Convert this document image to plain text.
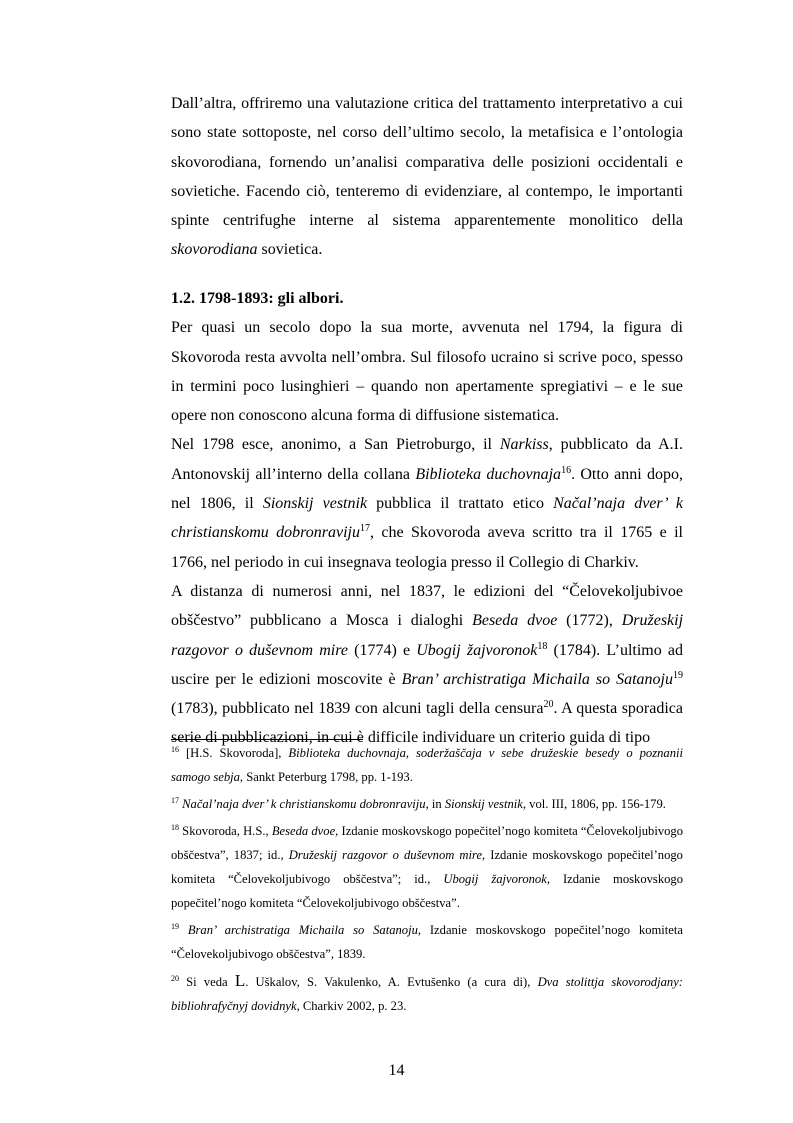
Dall’altra, offriremo una valutazione critica del trattamento interpretativo a cui sono state sottoposte, nel corso dell’ultimo secolo, la metafisica e l’ontologia skovorodiana, fornendo un’analisi comparativa delle posizioni occidentali e sovietiche. Facendo ciò, tenteremo di evidenziare, al contempo, le importanti spinte centrifughe interne al sistema apparentemente monolitico della skovorodiana sovietica.

1.2. 1798-1893: gli albori.

Per quasi un secolo dopo la sua morte, avvenuta nel 1794, la figura di Skovoroda resta avvolta nell’ombra. Sul filosofo ucraino si scrive poco, spesso in termini poco lusinghieri – quando non apertamente spregiativi – e le sue opere non conoscono alcuna forma di diffusione sistematica.

Nel 1798 esce, anonimo, a San Pietroburgo, il Narkiss, pubblicato da A.I. Antonovskij all’interno della collana Biblioteka duchovnaja$^{16}$. Otto anni dopo, nel 1806, il Sionskij vestnik pubblica il trattato etico Načal’naja dver’ k christianskomu dobronraviju$^{17}$, che Skovoroda aveva scritto tra il 1765 e il 1766, nel periodo in cui insegnava teologia presso il Collegio di Charkiv.

A distanza di numerosi anni, nel 1837, le edizioni del “Čelovekoljubivoe obščestvo” pubblicano a Mosca i dialoghi Beseda dvoe (1772), Družeskij razgovor o duševnom mire (1774) e Ubogij žajvoronok$^{18}$ (1784). L’ultimo ad uscire per le edizioni moscovite è Bran’ archistratiga Michaila so Satanoju$^{19}$ (1783), pubblicato nel 1839 con alcuni tagli della censura$^{20}$. A questa sporadica serie di pubblicazioni, in cui è difficile individuare un criterio guida di tipo

$^{16}$ [H.S. Skovoroda], Biblioteka duchovnaja, soderžaščaja v sebe družeskie besedy o poznanii samogo sebja, Sankt Peterburg 1798, pp. 1-193.

$^{17}$ Načal’naja dver’ k christianskomu dobronraviju, in Sionskij vestnik, vol. III, 1806, pp. 156-179.

$^{18}$ Skovoroda, H.S., Beseda dvoe, Izdanie moskovskogo popečitel’nogo komiteta “Čelovekoljubivogo obščestva”, 1837; id., Družeskij razgovor o duševnom mire, Izdanie moskovskogo popečitel’nogo komiteta “Čelovekoljubivogo obščestva”; id., Ubogij žajvoronok, Izdanie moskovskogo popečitel’nogo komiteta “Čelovekoljubivogo obščestva”.

$^{19}$ Bran’ archistratiga Michaila so Satanoju, Izdanie moskovskogo popečitel’nogo komiteta “Čelovekoljubivogo obščestva”, 1839.

$^{20}$ Si veda L. Uškalov, S. Vakulenko, A. Evtušenko (a cura di), Dva stolittja skovorodjany: bibliohrafyčnyj dovidnyk, Charkiv 2002, p. 23.

14
